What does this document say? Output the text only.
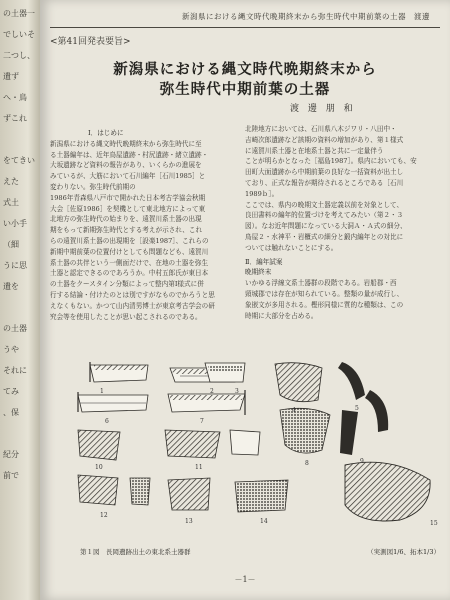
の土器一
でしいそ
二つし、
遺ず
へ・鳥
ずこれ
をてきい
えた
式土
い小手
（細
うに思
遺を
の土器
うや
それに
てみ
、保
紀分
前で
新潟県における縄文時代晩期終末から弥生時代中期前葉の土器　渡邊
<第41回発表要旨>
新潟県における縄文時代晩期終末から
弥生時代中期前葉の土器
渡 邊 朋 和
Ⅰ．はじめに
新潟県における縄文時代晩期終末から弥生時代に至
る土器編年は、近年鳥屋遺跡・村尻遺跡・緒立遺跡・
大坂遺跡など資料の報告があり、いくらかの進展を
みているが、大筋において石川編年［石川1985］と
変わりない。弥生時代前期の
1986年青森県八戸市で開かれた日本考古学協会秋期
大会［佐原1986］を契機として東北地方によって東
北地方の弥生時代の始まりを、遠賀川系土器の出現
期をもって新期弥生時代とする考えが示され、これ
らの遠賀川系土器の出現期を［設楽1987］、これらの
新期中期前葉の位置付けとしても問題なども、遠賀川
系土器の共伴という一側面だけで、在地の土器を弥生
土器と認定できるのであろうか。中村五郎氏が東日本
の土器をクースタイン分類によって整内第Ⅰ様式に併
行する結論・付けたのとは別ですがなものでかろうと思
えなくもない。かつて山内清男博士が東京考古学会の研
究会等を使用したことが思い起こされるのである。
北陸地方においては、石川県八木ジワリ・八田中・
吉崎次郎遺跡など該期の資料の増加があり、第１様式
に遠賀川系土器と在地系土器と共に一定量伴う
ことが明らかとなった［福島1987］。県内においても、安
田町大面遺跡から中期前葉の良好な一括資料が出土し
ており、正式な報告が期待されるところである［石川
1989ｂ］。
ここでは、県内の晩期文土器定義以前を対象として、
良田書料の編年的位置づけを考えてみたい（第２・３
図）。なお近年問題になっている大洞Ａ・Ａ式の細分、
鳥屋２・水神平・岩櫃式の細分と鍛内編年との対比に
ついては触れないことにする。
Ⅱ．編年試案
晩期終末
いかゆる浮線文系土器群の段階である。岩船郡・西
頸城郡では存在が知られている。整類の量が成行し、
象嵌文が多用される。樫形同様に質的な種類は、この
時期に大部分を占める。
1	2	3
4	5
6	7
8	9
10	11
12
13	14	15
第１図　長岡遺跡出土の東北系土器群	（実測図1/6、拓本1/3）
－1－
